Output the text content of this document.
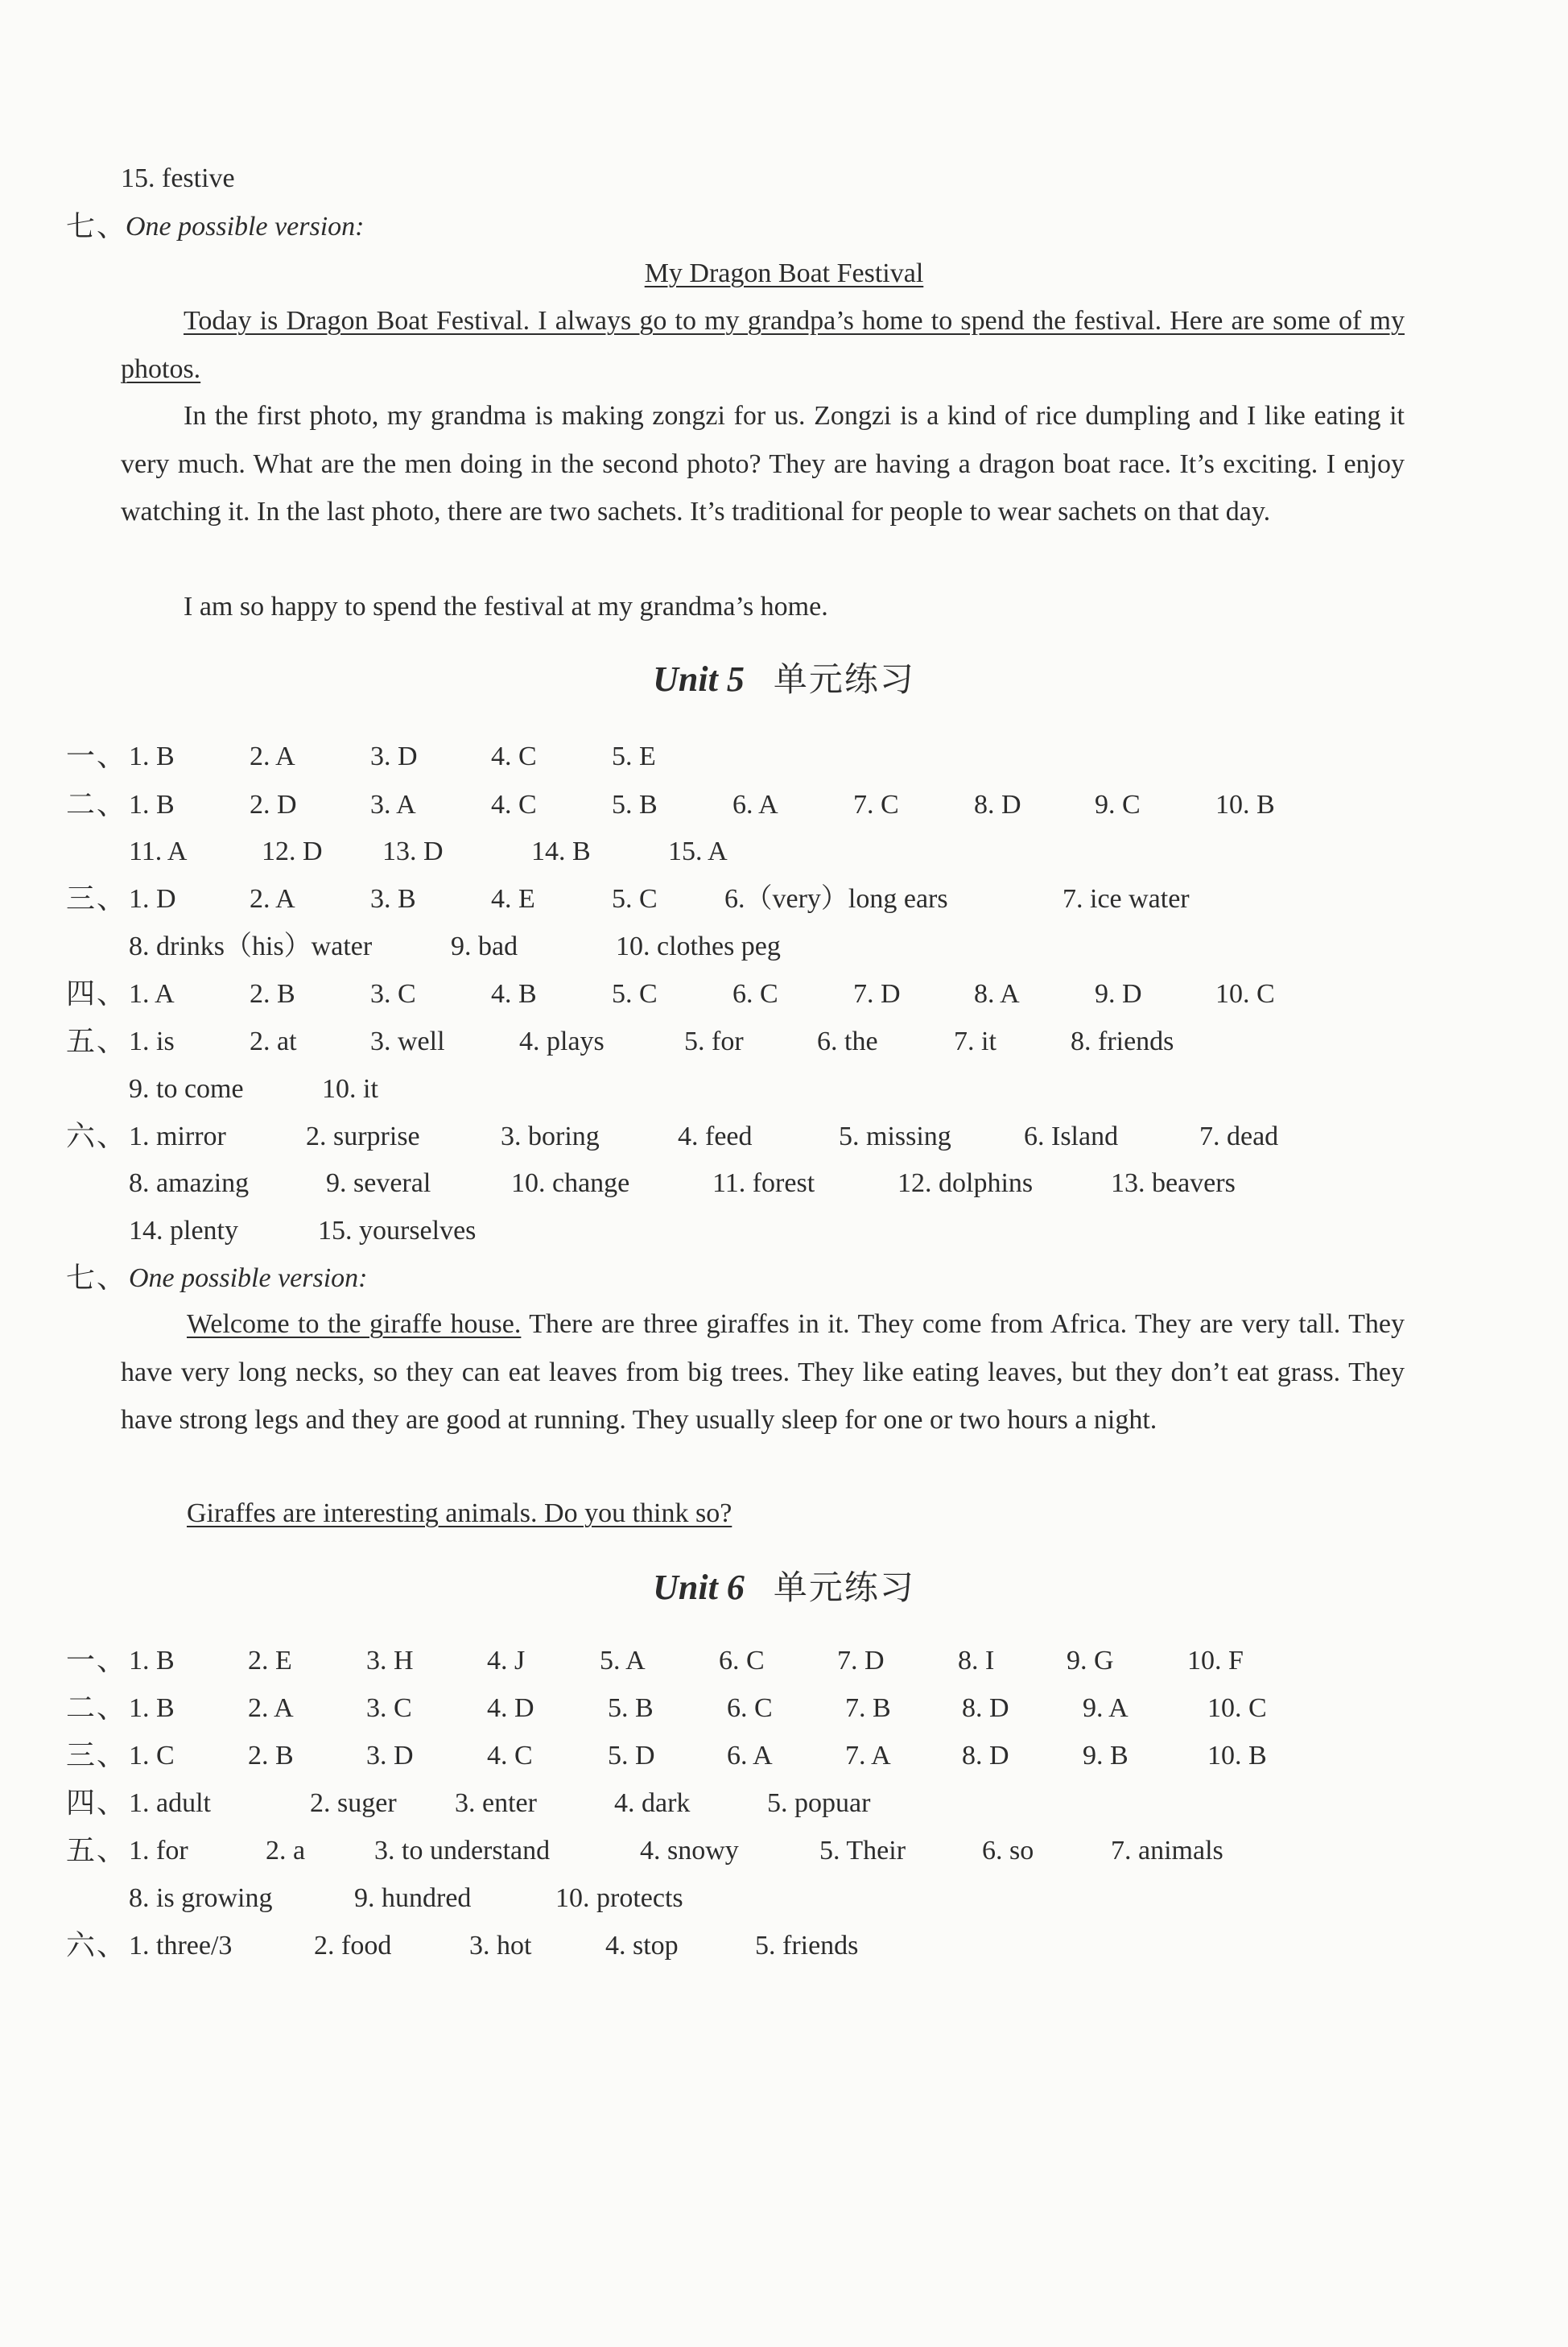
15. festive
七、
One possible version:
My Dragon Boat Festival
Today is Dragon Boat Festival. I always go to my grandpa’s home to spend the festival. Here are some of my photos.
In the first photo, my grandma is making zongzi for us. Zongzi is a kind of rice dumpling and I like eating it very much. What are the men doing in the second photo? They are having a dragon boat race. It’s exciting. I enjoy watching it. In the last photo, there are two sachets. It’s traditional for people to wear sachets on that day.
I am so happy to spend the festival at my grandma’s home.
Unit 5 单元练习
一、 1. B	2. A	3. D	4. C	5. E
二、 1. B	2. D	3. A	4. C	5. B	6. A	7. C	8. D	9. C	10. B
11. A	12. D 13. D	14. B	15. A
三、 1. D	2. A	3. B	4. E	5. C 6.（very）long ears	7. ice water
8. drinks（his）water	9. bad	10. clothes peg
四、 1. A	2. B	3. C	4. B	5. C	6. C	7. D	8. A	9. D	10. C
五、 1. is	2. at	3. well	4. plays	5. for	6. the	7. it	8. friends
9. to come	10. it
六、 1. mirror	2. surprise	3. boring	4. feed	5. missing	6. Island	7. dead
8. amazing	9. several	10. change	11. forest	12. dolphins	13. beavers
14. plenty	15. yourselves
七、 One possible version:
Welcome to the giraffe house. There are three giraffes in it. They come from Africa. They are very tall. They have very long necks, so they can eat leaves from big trees. They like eating leaves, but they don’t eat grass. They have strong legs and they are good at running. They usually sleep for one or two hours a night.
Giraffes are interesting animals. Do you think so?
Unit 6 单元练习
一、 1. B	2. E	3. H	4. J	5. A	6. C	7. D	8. I	9. G	10. F
二、 1. B	2. A	3. C	4. D	5. B	6. C	7. B	8. D	9. A	10. C
三、 1. C	2. B	3. D	4. C	5. D	6. A	7. A	8. D	9. B	10. B
四、 1. adult	2. suger 3. enter	4. dark	5. popuar
五、 1. for	2. a	3. to understand	4. snowy	5. Their	6. so	7. animals
8. is growing	9. hundred	10. protects
六、 1. three/3	2. food	3. hot	4. stop	5. friends
